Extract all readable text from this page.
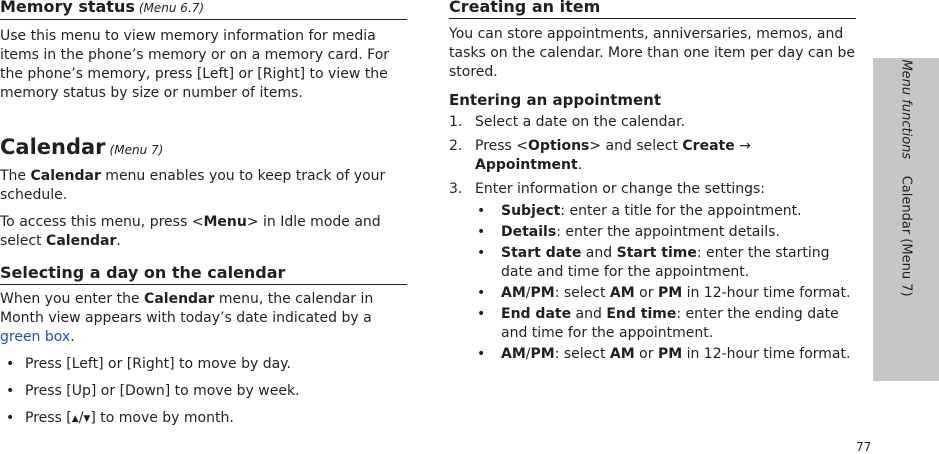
Memory status (Menu 6.7)

Use this menu to view memory information for media items in the phone’s memory or on a memory card. For the phone’s memory, press [Left] or [Right] to view the memory status by size or number of items.

Calendar (Menu 7)

The Calendar menu enables you to keep track of your schedule.

To access this menu, press <Menu> in Idle mode and select Calendar.

Selecting a day on the calendar

When you enter the Calendar menu, the calendar in Month view appears with today’s date indicated by a green box.

• Press [Left] or [Right] to move by day.
• Press [Up] or [Down] to move by week.
• Press [▲/▼] to move by month.
Creating an item

You can store appointments, anniversaries, memos, and tasks on the calendar. More than one item per day can be stored.

Entering an appointment
1. Select a date on the calendar.
2. Press <Options> and select Create → Appointment.
3. Enter information or change the settings:
• Subject: enter a title for the appointment.
• Details: enter the appointment details.
• Start date and Start time: enter the starting date and time for the appointment.
• AM/PM: select AM or PM in 12-hour time format.
• End date and End time: enter the ending date and time for the appointment.
• AM/PM: select AM or PM in 12-hour time format.
Menu functions    Calendar (Menu 7)
77
